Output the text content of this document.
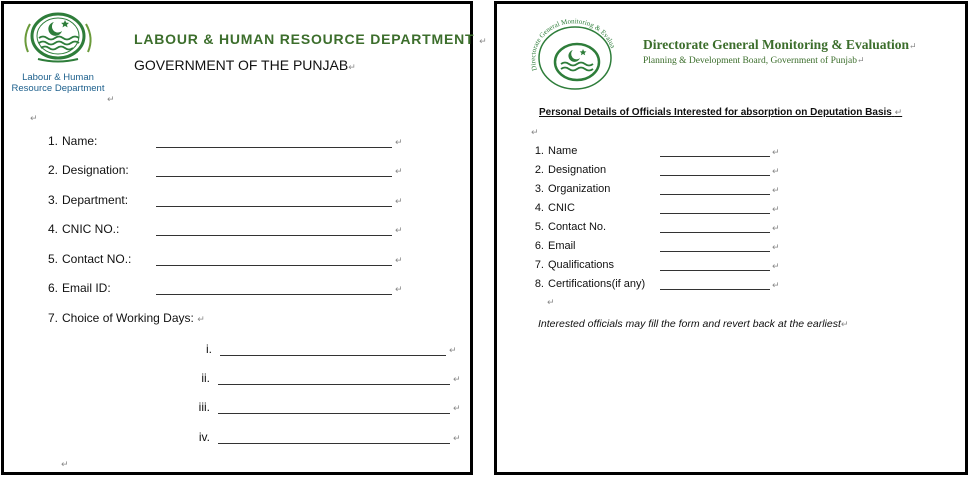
Labour & Human
Resource Department
↵
LABOUR & HUMAN RESOURCE DEPARTMENT ↵
GOVERNMENT OF THE PUNJAB↵
↵
1. Name:	↵
2. Designation:	↵
3. Department:	↵
4. CNIC NO.:	↵
5. Contact NO.:	↵
6. Email ID:	↵
7. Choice of Working Days: ↵
i.	↵
ii.	↵
iii.	↵
iv.	↵
↵
Directorate General Monitoring & Evalua Directorate General Monitoring & Evaluation↵
Planning & Development Board, Government of Punjab↵
Personal Details of Officials Interested for absorption on Deputation Basis ↵
↵
1. Name	↵
2. Designation	↵
3. Organization	↵
4. CNIC	↵
5. Contact No.	↵
6. Email	↵
7. Qualifications	↵
8. Certifications(if any)	↵
↵
Interested officials may fill the form and revert back at the earliest↵
